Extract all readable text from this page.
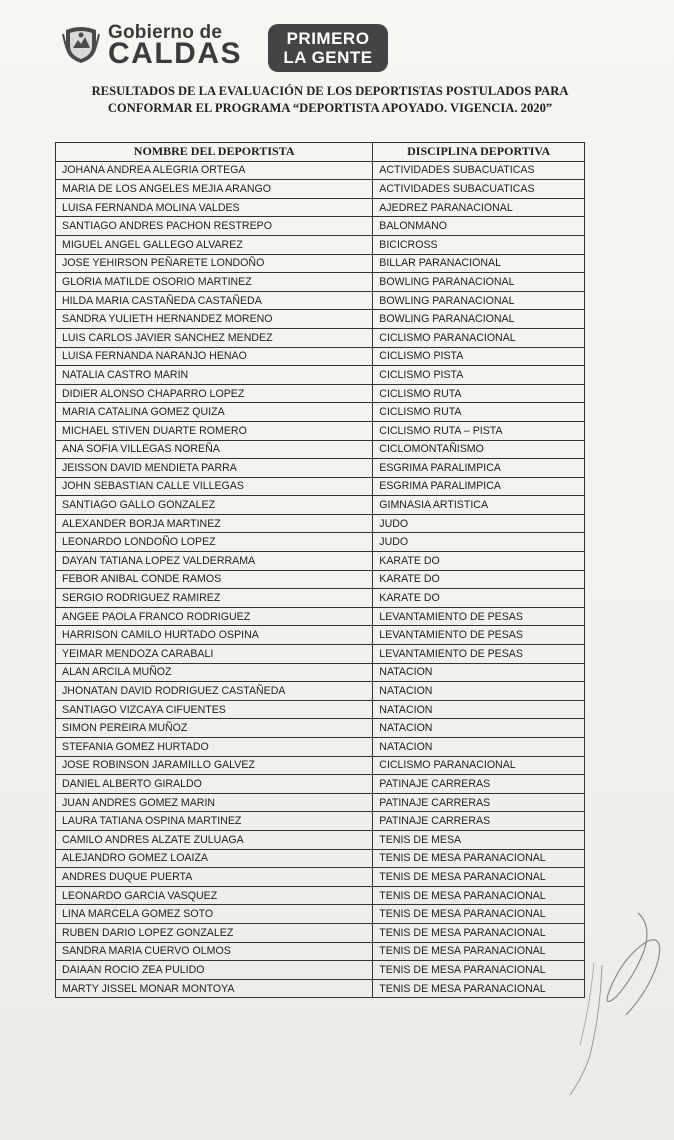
Gobierno de
CALDAS	PRIMERO
LA GENTE
RESULTADOS DE LA EVALUACIÓN DE LOS DEPORTISTAS POSTULADOS PARA
CONFORMAR EL PROGRAMA “DEPORTISTA APOYADO. VIGENCIA. 2020”
NOMBRE DEL DEPORTISTA	DISCIPLINA DEPORTIVA
JOHANA ANDREA ALEGRIA ORTEGA	ACTIVIDADES SUBACUATICAS
MARIA DE LOS ANGELES MEJIA ARANGO	ACTIVIDADES SUBACUATICAS
LUISA FERNANDA MOLINA VALDES	AJEDREZ PARANACIONAL
SANTIAGO ANDRES PACHON RESTREPO	BALONMANO
MIGUEL ANGEL GALLEGO ALVAREZ	BICICROSS
JOSE YEHIRSON PEÑARETE LONDOÑO	BILLAR PARANACIONAL
GLORIA MATILDE OSORIO MARTINEZ	BOWLING PARANACIONAL
HILDA MARIA CASTAÑEDA CASTAÑEDA	BOWLING PARANACIONAL
SANDRA YULIETH HERNANDEZ MORENO	BOWLING PARANACIONAL
LUIS CARLOS JAVIER SANCHEZ MENDEZ	CICLISMO PARANACIONAL
LUISA FERNANDA NARANJO HENAO	CICLISMO PISTA
NATALIA CASTRO MARIN	CICLISMO PISTA
DIDIER ALONSO CHAPARRO LOPEZ	CICLISMO RUTA
MARIA CATALINA GOMEZ QUIZA	CICLISMO RUTA
MICHAEL STIVEN DUARTE ROMERO	CICLISMO RUTA – PISTA
ANA SOFIA VILLEGAS NOREÑA	CICLOMONTAÑISMO
JEISSON DAVID MENDIETA PARRA	ESGRIMA PARALIMPICA
JOHN SEBASTIAN CALLE VILLEGAS	ESGRIMA PARALIMPICA
SANTIAGO GALLO GONZALEZ	GIMNASIA ARTISTICA
ALEXANDER BORJA MARTINEZ	JUDO
LEONARDO LONDOÑO LOPEZ	JUDO
DAYAN TATIANA LOPEZ VALDERRAMA	KARATE DO
FEBOR ANIBAL CONDE RAMOS	KARATE DO
SERGIO RODRIGUEZ RAMIREZ	KARATE DO
ANGEE PAOLA FRANCO RODRIGUEZ	LEVANTAMIENTO DE PESAS
HARRISON CAMILO HURTADO OSPINA	LEVANTAMIENTO DE PESAS
YEIMAR MENDOZA CARABALI	LEVANTAMIENTO DE PESAS
ALAN ARCILA MUÑOZ	NATACION
JHONATAN DAVID RODRIGUEZ CASTAÑEDA	NATACION
SANTIAGO VIZCAYA CIFUENTES	NATACION
SIMON PEREIRA MUÑOZ	NATACION
STEFANIA GOMEZ HURTADO	NATACION
JOSE ROBINSON JARAMILLO GALVEZ	CICLISMO PARANACIONAL
DANIEL ALBERTO GIRALDO	PATINAJE CARRERAS
JUAN ANDRES GOMEZ MARIN	PATINAJE CARRERAS
LAURA TATIANA OSPINA MARTINEZ	PATINAJE CARRERAS
CAMILO ANDRES ALZATE ZULUAGA	TENIS DE MESA
ALEJANDRO GOMEZ LOAIZA	TENIS DE MESA PARANACIONAL
ANDRES DUQUE PUERTA	TENIS DE MESA PARANACIONAL
LEONARDO GARCIA VASQUEZ	TENIS DE MESA PARANACIONAL
LINA MARCELA GOMEZ SOTO	TENIS DE MESA PARANACIONAL
RUBEN DARIO LOPEZ GONZALEZ	TENIS DE MESA PARANACIONAL
SANDRA MARIA CUERVO OLMOS	TENIS DE MESA PARANACIONAL
DAIAAN ROCIO ZEA PULIDO	TENIS DE MESA PARANACIONAL
MARTY JISSEL MONAR MONTOYA	TENIS DE MESA PARANACIONAL
